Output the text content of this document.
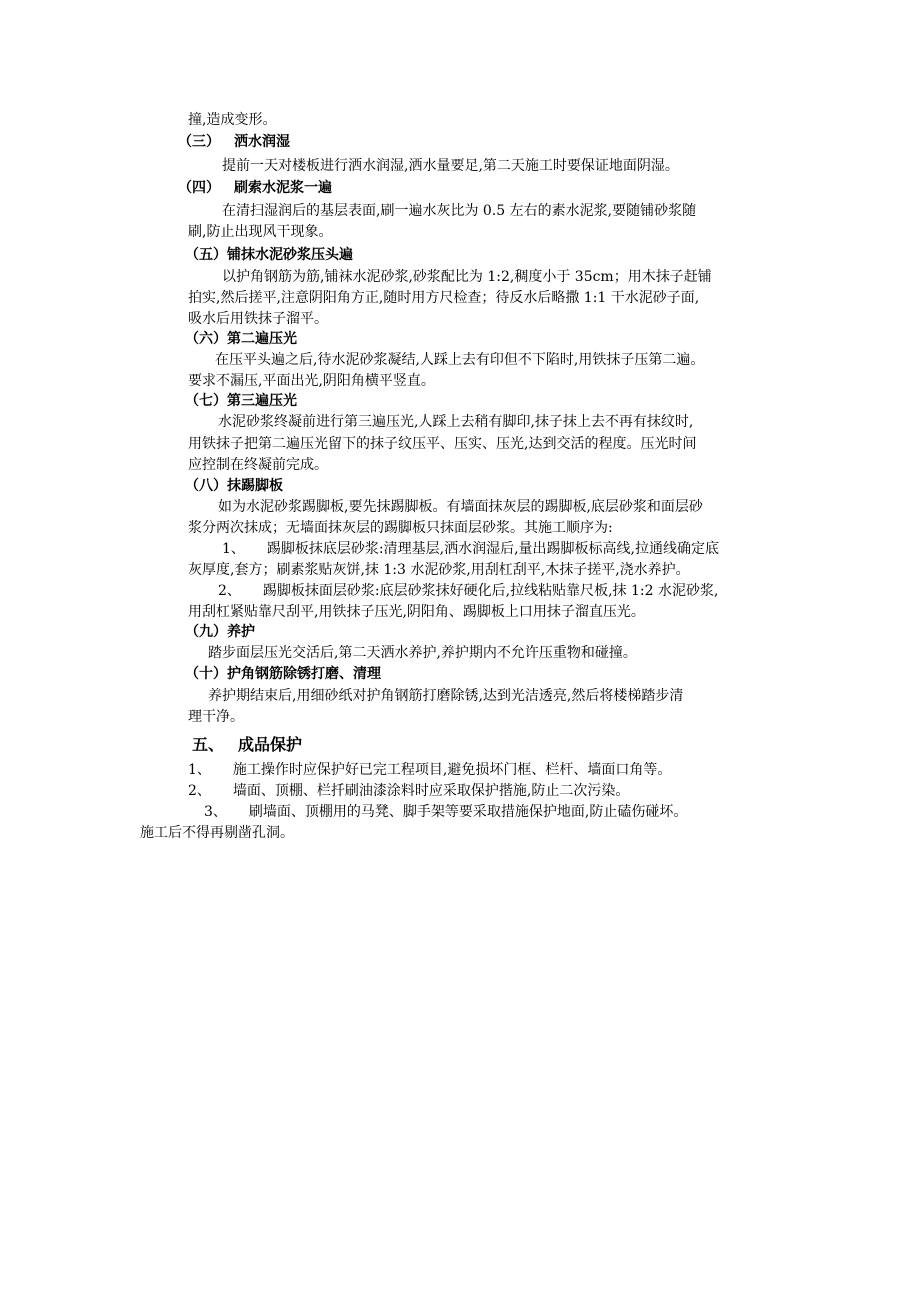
撞,造成变形。
（三） 洒水润湿
提前一天对楼板进行洒水润湿,洒水量要足,第二天施工时要保证地面阴湿。
（四） 刷索水泥浆一遍
在清扫湿润后的基层表面,刷一遍水灰比为 0.5 左右的素水泥浆,要随铺砂浆随
刷,防止出现风干现象。
（五）铺抹水泥砂浆压头遍
以护角钢筋为筋,铺袜水泥砂浆,砂浆配比为 1:2,稠度小于 35cm；用木抹子赶铺
拍实,然后搓平,注意阴阳角方正,随时用方尺检查；待反水后略撒 1:1 干水泥砂子面,
吸水后用铁抹子溜平。
（六）第二遍压光
在压平头遍之后,待水泥砂浆凝结,人踩上去有印但不下陷时,用铁抹子压第二遍。
要求不漏压,平面出光,阴阳角横平竖直。
（七）第三遍压光
水泥砂浆终凝前进行第三遍压光,人踩上去稍有脚印,抹子抹上去不再有抹纹时,
用铁抹子把第二遍压光留下的抹子纹压平、压实、压光,达到交活的程度。压光时间
应控制在终凝前完成。
（八）抹踢脚板
如为水泥砂浆踢脚板,要先抹踢脚板。有墙面抹灰层的踢脚板,底层砂浆和面层砂
浆分两次抹成；无墙面抹灰层的踢脚板只抹面层砂浆。其施工顺序为:
1、 踢脚板抹底层砂浆:清理基层,洒水润湿后,量出踢脚板标高线,拉通线确定底
灰厚度,套方；刷素浆贴灰饼,抹 1:3 水泥砂浆,用刮杠刮平,木抹子搓平,浇水养护。
2、 踢脚板抹面层砂浆:底层砂浆抹好硬化后,拉线粘贴靠尺板,抹 1:2 水泥砂浆,
用刮杠紧贴靠尺刮平,用铁抹子压光,阴阳角、踢脚板上口用抹子溜直压光。
（九）养护
踏步面层压光交活后,第二天洒水养护,养护期内不允许压重物和碰撞。
（十）护角钢筋除锈打磨、清理
养护期结束后,用细砂纸对护角钢筋打磨除锈,达到光洁透亮,然后将楼梯踏步清
理干净。
五、 成品保护
1、 施工操作时应保护好已完工程项目,避免损坏门框、栏杆、墙面口角等。
2、 墙面、顶棚、栏扦刷油漆涂料时应采取保护揩施,防止二次污染。
3、 刷墙面、顶棚用的马凳、脚手架等要采取措施保护地面,防止磕伤碰坏。
施工后不得再剔凿孔洞。
